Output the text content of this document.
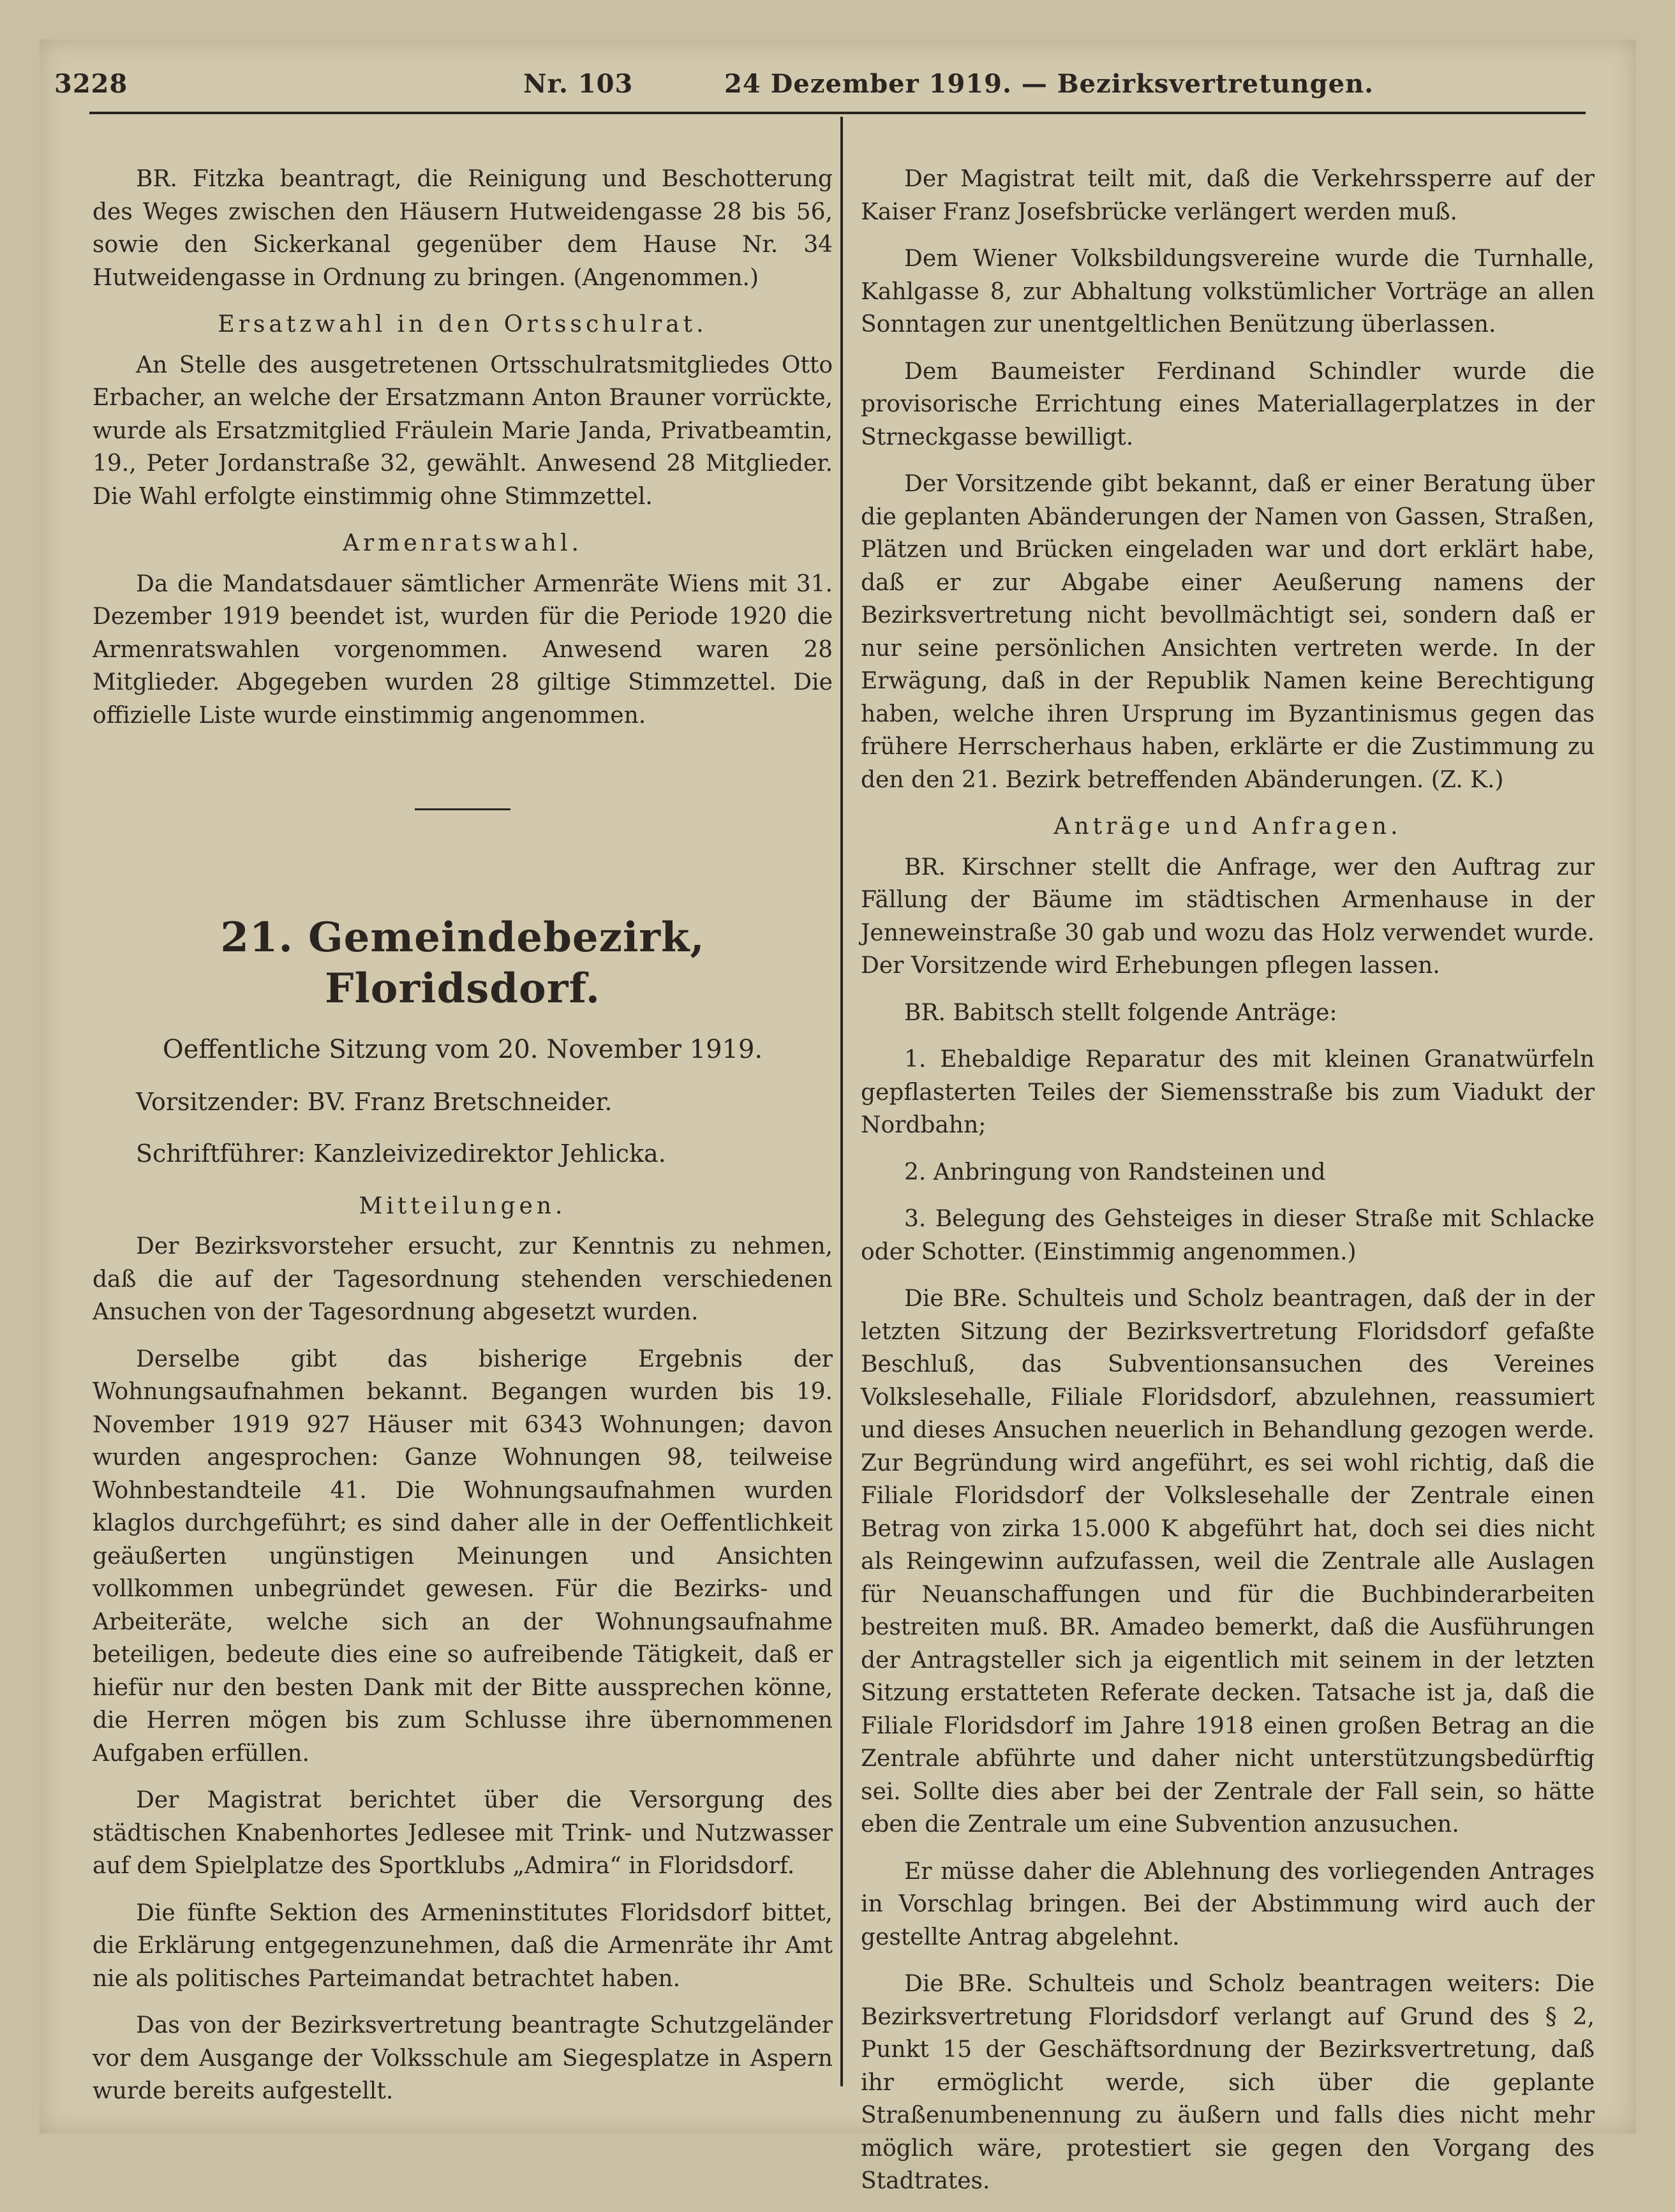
3228	Nr. 103	24 Dezember 1919. — Bezirksvertretungen.

BR. Fitzka beantragt, die Reinigung und Beschotterung des Weges zwischen den Häusern Hutweidengasse 28 bis 56, sowie den Sickerkanal gegenüber dem Hause Nr. 34 Hutweidengasse in Ordnung zu bringen. (Angenommen.)

Ersatzwahl in den Ortsschulrat.

An Stelle des ausgetretenen Ortsschulratsmitgliedes Otto Erbacher, an welche der Ersatzmann Anton Brauner vorrückte, wurde als Ersatzmitglied Fräulein Marie Janda, Privatbeamtin, 19., Peter Jordanstraße 32, gewählt. Anwesend 28 Mitglieder. Die Wahl erfolgte einstimmig ohne Stimmzettel.

Armenratswahl.

Da die Mandatsdauer sämtlicher Armenräte Wiens mit 31. Dezember 1919 beendet ist, wurden für die Periode 1920 die Armenratswahlen vorgenommen. Anwesend waren 28 Mitglieder. Abgegeben wurden 28 giltige Stimmzettel. Die offizielle Liste wurde einstimmig angenommen.

21. Gemeindebezirk, Floridsdorf.
Oeffentliche Sitzung vom 20. November 1919.
Vorsitzender: BV. Franz Bretschneider.
Schriftführer: Kanzleivizedirektor Jehlicka.

Mitteilungen.

Der Bezirksvorsteher ersucht, zur Kenntnis zu nehmen, daß die auf der Tagesordnung stehenden verschiedenen Ansuchen von der Tagesordnung abgesetzt wurden.

Derselbe gibt das bisherige Ergebnis der Wohnungsaufnahmen bekannt. Begangen wurden bis 19. November 1919 927 Häuser mit 6343 Wohnungen; davon wurden angesprochen: Ganze Wohnungen 98, teilweise Wohnbestandteile 41. Die Wohnungsaufnahmen wurden klaglos durchgeführt; es sind daher alle in der Oeffentlichkeit geäußerten ungünstigen Meinungen und Ansichten vollkommen unbegründet gewesen. Für die Bezirks- und Arbeiteräte, welche sich an der Wohnungsaufnahme beteiligen, bedeute dies eine so aufreibende Tätigkeit, daß er hiefür nur den besten Dank mit der Bitte aussprechen könne, die Herren mögen bis zum Schlusse ihre übernommenen Aufgaben erfüllen.

Der Magistrat berichtet über die Versorgung des städtischen Knabenhortes Jedlesee mit Trink- und Nutzwasser auf dem Spielplatze des Sportklubs „Admira“ in Floridsdorf.

Die fünfte Sektion des Armeninstitutes Floridsdorf bittet, die Erklärung entgegenzunehmen, daß die Armenräte ihr Amt nie als politisches Parteimandat betrachtet haben.

Das von der Bezirksvertretung beantragte Schutzgeländer vor dem Ausgange der Volksschule am Siegesplatze in Aspern wurde bereits aufgestellt.

Der Magistrat teilt mit, daß die Verkehrssperre auf der Kaiser Franz Josefsbrücke verlängert werden muß.

Dem Wiener Volksbildungsvereine wurde die Turnhalle, Kahlgasse 8, zur Abhaltung volkstümlicher Vorträge an allen Sonntagen zur unentgeltlichen Benützung überlassen.

Dem Baumeister Ferdinand Schindler wurde die provisorische Errichtung eines Materiallagerplatzes in der Strneckgasse bewilligt.

Der Vorsitzende gibt bekannt, daß er einer Beratung über die geplanten Abänderungen der Namen von Gassen, Straßen, Plätzen und Brücken eingeladen war und dort erklärt habe, daß er zur Abgabe einer Aeußerung namens der Bezirksvertretung nicht bevollmächtigt sei, sondern daß er nur seine persönlichen Ansichten vertreten werde. In der Erwägung, daß in der Republik Namen keine Berechtigung haben, welche ihren Ursprung im Byzantinismus gegen das frühere Herrscherhaus haben, erklärte er die Zustimmung zu den den 21. Bezirk betreffenden Abänderungen. (Z. K.)

Anträge und Anfragen.

BR. Kirschner stellt die Anfrage, wer den Auftrag zur Fällung der Bäume im städtischen Armenhause in der Jenneweinstraße 30 gab und wozu das Holz verwendet wurde. Der Vorsitzende wird Erhebungen pflegen lassen.

BR. Babitsch stellt folgende Anträge:

1. Ehebaldige Reparatur des mit kleinen Granatwürfeln gepflasterten Teiles der Siemensstraße bis zum Viadukt der Nordbahn;

2. Anbringung von Randsteinen und

3. Belegung des Gehsteiges in dieser Straße mit Schlacke oder Schotter. (Einstimmig angenommen.)

Die BRe. Schulteis und Scholz beantragen, daß der in der letzten Sitzung der Bezirksvertretung Floridsdorf gefaßte Beschluß, das Subventionsansuchen des Vereines Volkslesehalle, Filiale Floridsdorf, abzulehnen, reassumiert und dieses Ansuchen neuerlich in Behandlung gezogen werde. Zur Begründung wird angeführt, es sei wohl richtig, daß die Filiale Floridsdorf der Volkslesehalle der Zentrale einen Betrag von zirka 15.000 K abgeführt hat, doch sei dies nicht als Reingewinn aufzufassen, weil die Zentrale alle Auslagen für Neuanschaffungen und für die Buchbinderarbeiten bestreiten muß. BR. Amadeo bemerkt, daß die Ausführungen der Antragsteller sich ja eigentlich mit seinem in der letzten Sitzung erstatteten Referate decken. Tatsache ist ja, daß die Filiale Floridsdorf im Jahre 1918 einen großen Betrag an die Zentrale abführte und daher nicht unterstützungsbedürftig sei. Sollte dies aber bei der Zentrale der Fall sein, so hätte eben die Zentrale um eine Subvention anzusuchen.

Er müsse daher die Ablehnung des vorliegenden Antrages in Vorschlag bringen. Bei der Abstimmung wird auch der gestellte Antrag abgelehnt.

Die BRe. Schulteis und Scholz beantragen weiters: Die Bezirksvertretung Floridsdorf verlangt auf Grund des § 2, Punkt 15 der Geschäftsordnung der Bezirksvertretung, daß ihr ermöglicht werde, sich über die geplante Straßenumbenennung zu äußern und falls dies nicht mehr möglich wäre, protestiert sie gegen den Vorgang des Stadtrates.
